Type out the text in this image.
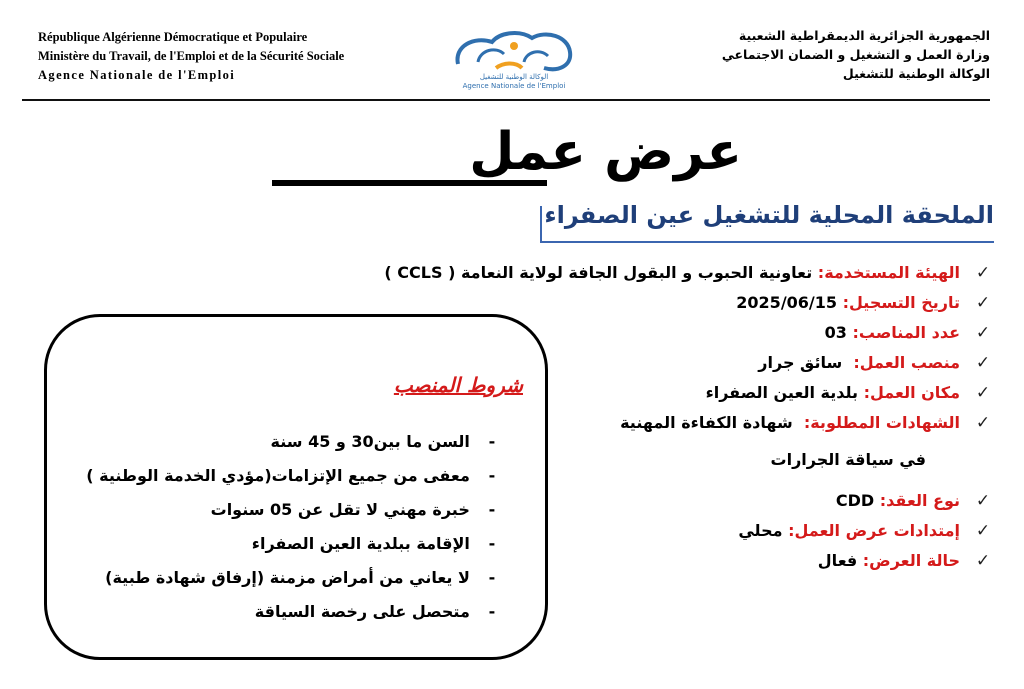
République Algérienne Démocratique et Populaire
Ministère du Travail, de l'Emploi et de la Sécurité Sociale
Agence Nationale de l'Emploi	الوكالة الوطنية للتشغيل
Agence Nationale de l'Emploi
الجمهورية الجزائرية الديمقراطية الشعبية
وزارة العمل و التشغيل و الضمان الاجتماعي
الوكالة الوطنية للتشغيل
عرض عمل
الملحقة المحلية للتشغيل عين الصفراء
✓الهيئة المستخدمة: تعاونية الحبوب و البقول الجافة لولاية النعامة ( CCLS )
✓تاريخ التسجيل: 2025/06/15
✓عدد المناصب: 03
✓منصب العمل:  سائق جرار
✓مكان العمل: بلدية العين الصفراء
✓الشهادات المطلوبة:  شهادة الكفاءة المهنية
في سياقة الجرارات
✓نوع العقد: CDD
✓إمتدادات عرض العمل: محلي
✓حالة العرض: فعال
شروط المنصب
-  السن ما بين30 و 45 سنة
-  معفى من جميع الإتزامات(مؤدي الخدمة الوطنية )
-  خبرة مهني لا تقل عن 05 سنوات
-  الإقامة ببلدية العين الصفراء
-  لا يعاني من أمراض مزمنة (إرفاق شهادة طبية)
-  متحصل على رخصة السياقة
